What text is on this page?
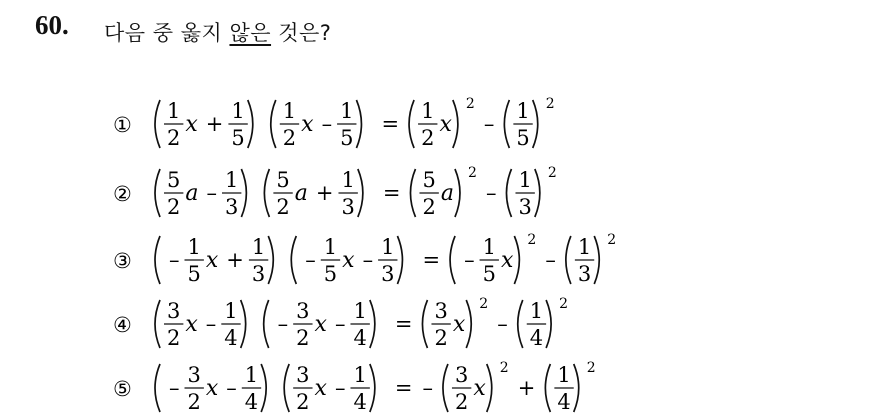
60. 다음 중 옳지 않은 것은?
①
1
2
x +
1
5
1
2
x –
1
5
=
1
2
x
2
–
1
5
2
②
5
2
a –
1
3
5
2
a +
1
3
=
5
2
a
2
–
1
3
2
③ –
1
5
x +
1
3
–
1
5
x –
1
3
= –
1
5
x
2
–
1
3
2
④
3
2
x –
1
4
–
3
2
x –
1
4
=
3
2
x
2
–
1
4
2
⑤ –
3
2
x –
1
4
3
2
x –
1
4
= –
3
2
x
2
+
1
4
2
